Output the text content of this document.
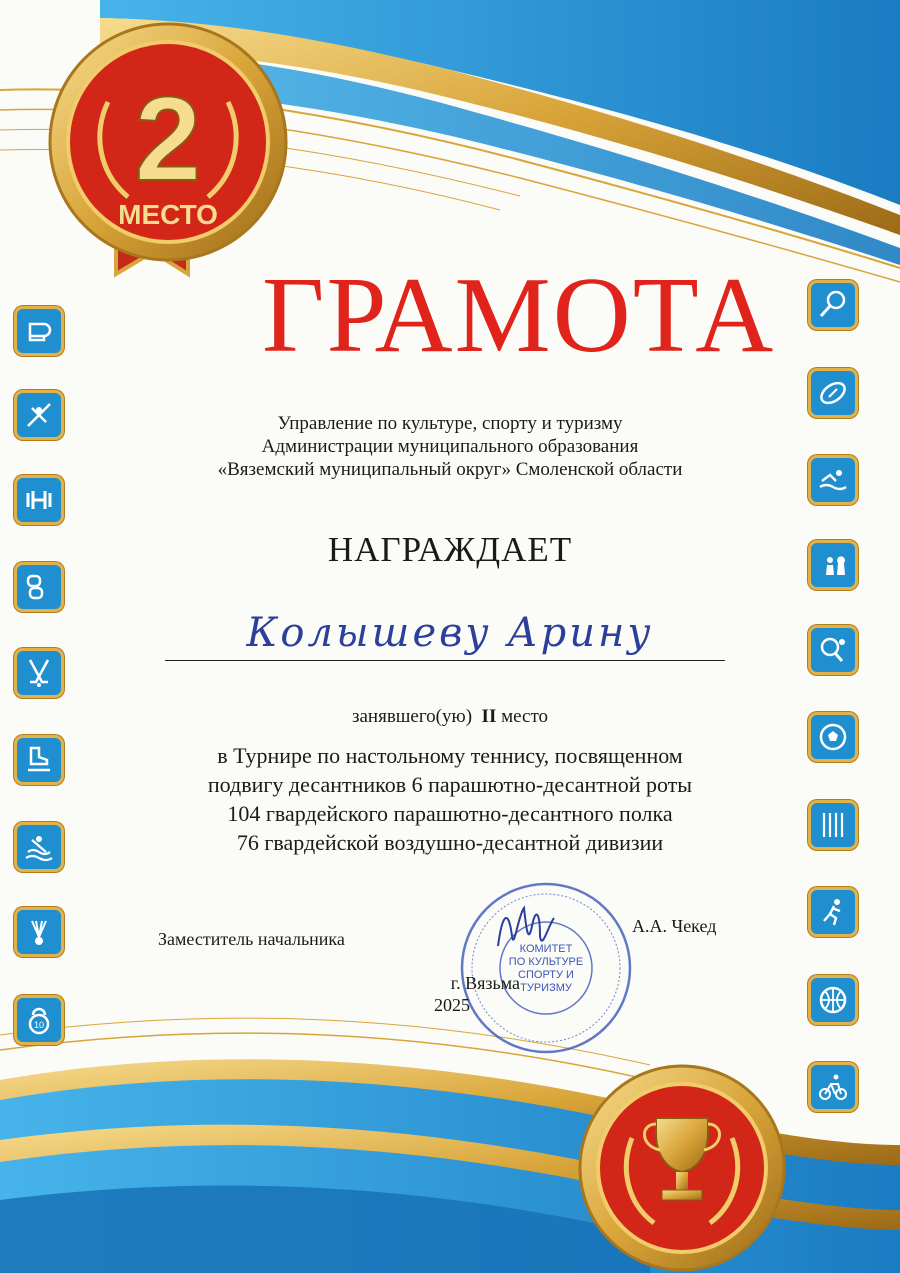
2
МЕСТО
10
ГРАМОТА
Управление по культуре, спорту и туризму
Администрации муниципального образования
«Вяземский муниципальный округ» Смоленской области
НАГРАЖДАЕТ
Колышеву Арину
занявшего(ую) II место
в Турнире по настольному теннису, посвященном
подвигу десантников 6 парашютно-десантной роты
104 гвардейского парашютно-десантного полка
76 гвардейской воздушно-десантной дивизии
Заместитель начальника
А.А. Чекед
КОМИТЕТ
ПО КУЛЬТУРЕ
СПОРТУ И
ТУРИЗМУ
г. Вязьма
2025
